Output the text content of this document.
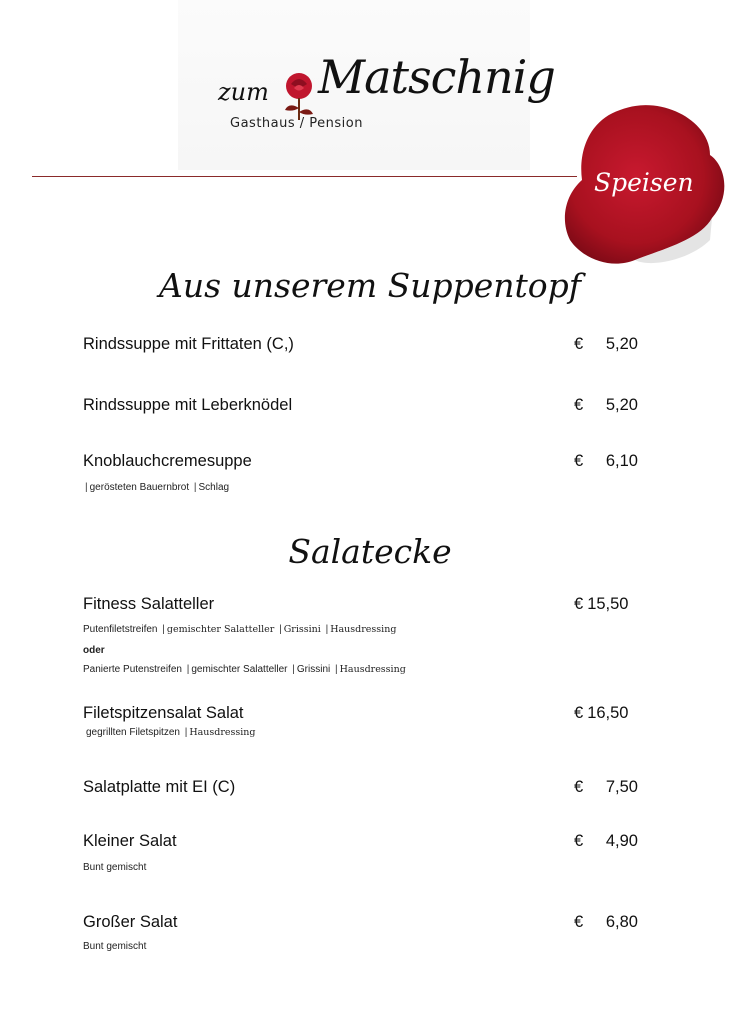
zum Matschnig
Gasthaus / Pension
Speisen
Aus unserem Suppentopf
Rindssuppe mit Frittaten (C,)	€ 5,20
Rindssuppe mit Leberknödel	€ 5,20
Knoblauchcremesuppe	€ 6,10
| gerösteten Bauernbrot | Schlag
Salatecke
Fitness Salatteller	€ 15,50
Putenfiletstreifen | gemischter Salatteller | Grissini | Hausdressing
oder
Panierte Putenstreifen | gemischter Salatteller | Grissini | Hausdressing
Filetspitzensalat Salat	€ 16,50
gegrillten Filetspitzen | Hausdressing
Salatplatte mit EI (C)	€ 7,50
Kleiner Salat	€ 4,90
Bunt gemischt
Großer Salat	€ 6,80
Bunt gemischt
